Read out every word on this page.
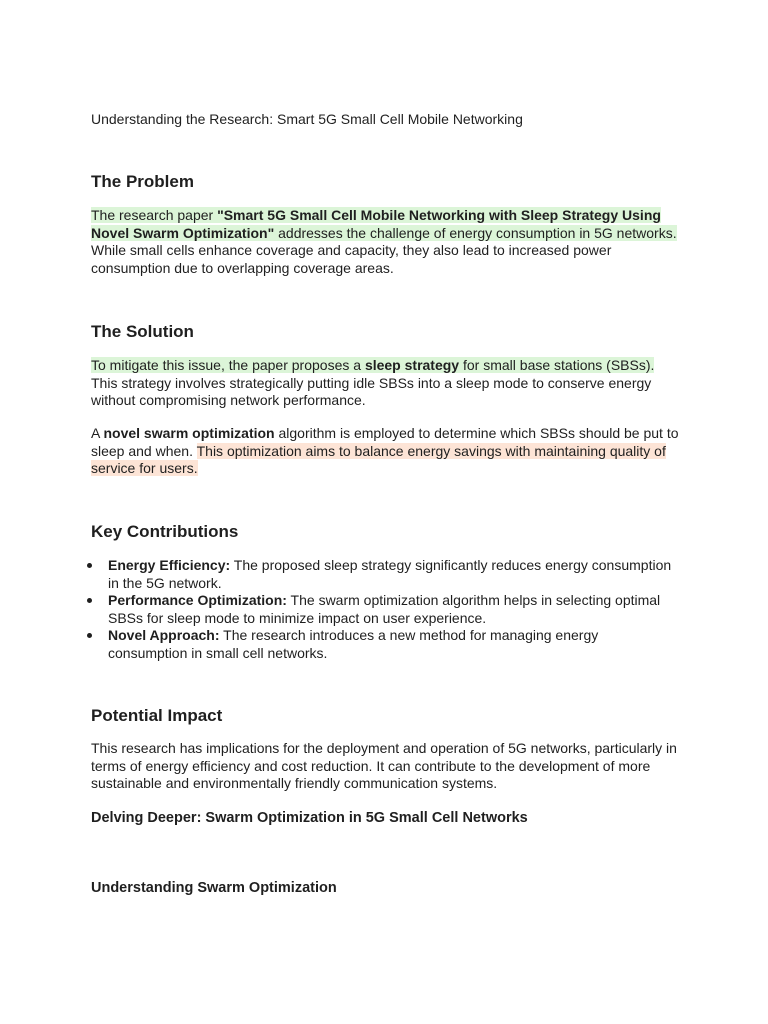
Understanding the Research: Smart 5G Small Cell Mobile Networking
The Problem
The research paper "Smart 5G Small Cell Mobile Networking with Sleep Strategy Using Novel Swarm Optimization" addresses the challenge of energy consumption in 5G networks. While small cells enhance coverage and capacity, they also lead to increased power consumption due to overlapping coverage areas.
The Solution
To mitigate this issue, the paper proposes a sleep strategy for small base stations (SBSs). This strategy involves strategically putting idle SBSs into a sleep mode to conserve energy without compromising network performance.
A novel swarm optimization algorithm is employed to determine which SBSs should be put to sleep and when. This optimization aims to balance energy savings with maintaining quality of service for users.
Key Contributions
Energy Efficiency: The proposed sleep strategy significantly reduces energy consumption in the 5G network.
Performance Optimization: The swarm optimization algorithm helps in selecting optimal SBSs for sleep mode to minimize impact on user experience.
Novel Approach: The research introduces a new method for managing energy consumption in small cell networks.
Potential Impact
This research has implications for the deployment and operation of 5G networks, particularly in terms of energy efficiency and cost reduction. It can contribute to the development of more sustainable and environmentally friendly communication systems.
Delving Deeper: Swarm Optimization in 5G Small Cell Networks
Understanding Swarm Optimization
